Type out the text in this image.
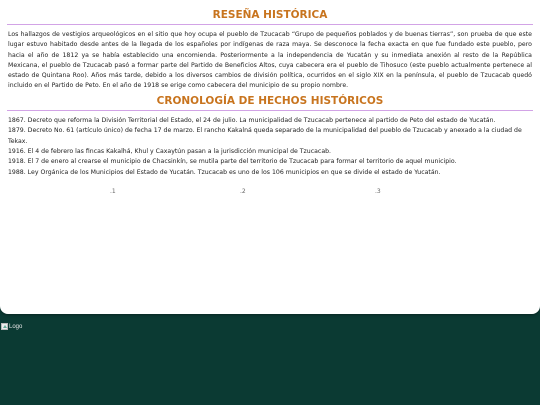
RESEÑA HISTÓRICA

Los hallazgos de vestigios arqueológicos en el sitio que hoy ocupa el pueblo de Tzucacab “Grupo de pequeños poblados y de buenas tierras”, son prueba de que este lugar estuvo habitado desde antes de la llegada de los españoles por indígenas de raza maya. Se desconoce la fecha exacta en que fue fundado este pueblo, pero hacia el año de 1812 ya se había establecido una encomienda. Posteriormente a la independencia de Yucatán y su inmediata anexión al resto de la República Mexicana, el pueblo de Tzucacab pasó a formar parte del Partido de Beneficios Altos, cuya cabecera era el pueblo de Tihosuco (este pueblo actualmente pertenece al estado de Quintana Roo). Años más tarde, debido a los diversos cambios de división política, ocurridos en el siglo XIX en la península, el pueblo de Tzucacab quedó incluido en el Partido de Peto. En el año de 1918 se erige como cabecera del municipio de su propio nombre.

CRONOLOGÍA DE HECHOS HISTÓRICOS
1867. Decreto que reforma la División Territorial del Estado, el 24 de julio. La municipalidad de Tzucacab pertenece al partido de Peto del estado de Yucatán.
1879. Decreto No. 61 (artículo único) de fecha 17 de marzo. El rancho Kakalná queda separado de la municipalidad del pueblo de Tzucacab y anexado a la ciudad de Tekax.
1916. El 4 de febrero las fincas Kakalhá, Khul y Caxaytún pasan a la jurisdicción municipal de Tzucacab.
1918. El 7 de enero al crearse el municipio de Chacsinkín, se mutila parte del territorio de Tzucacab para formar el territorio de aquel municipio.
1988. Ley Orgánica de los Municipios del Estado de Yucatán. Tzucacab es uno de los 106 municipios en que se divide el estado de Yucatán.
.1	.2	.3
Logo
